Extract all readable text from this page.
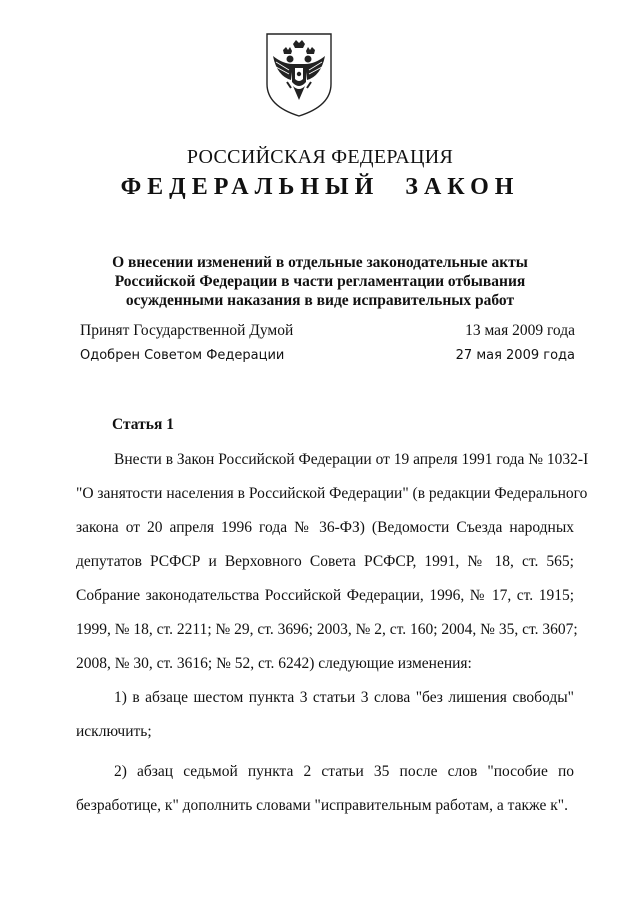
РОССИЙСКАЯ ФЕДЕРАЦИЯ
ФЕДЕРАЛЬНЫЙ ЗАКОН
О внесении изменений в отдельные законодательные акты
Российской Федерации в части регламентации отбывания
осужденными наказания в виде исправительных работ
Принят Государственной Думой	13 мая 2009 года
Одобрен Советом Федерации	27 мая 2009 года
Статья 1
Внести в Закон Российской Федерации от 19 апреля 1991 года № 1032-I
"О занятости населения в Российской Федерации" (в редакции Федерального
закона от 20 апреля 1996 года № 36-ФЗ) (Ведомости Съезда народных
депутатов РСФСР и Верховного Совета РСФСР, 1991, № 18, ст. 565;
Собрание законодательства Российской Федерации, 1996, № 17, ст. 1915;
1999, № 18, ст. 2211; № 29, ст. 3696; 2003, № 2, ст. 160; 2004, № 35, ст. 3607;
2008, № 30, ст. 3616; № 52, ст. 6242) следующие изменения:
1) в абзаце шестом пункта 3 статьи 3 слова "без лишения свободы"
исключить;
2) абзац седьмой пункта 2 статьи 35 после слов "пособие по
безработице, к" дополнить словами "исправительным работам, а также к".
